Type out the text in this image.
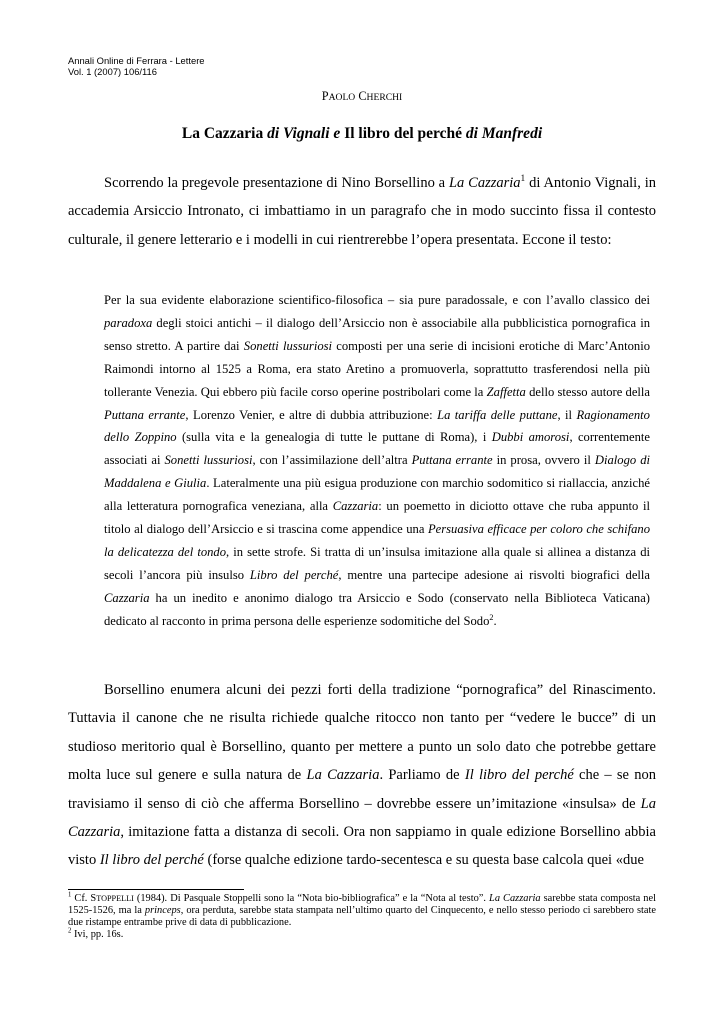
Annali Online di Ferrara - Lettere
Vol. 1 (2007) 106/116
PAOLO CHERCHI
La Cazzaria di Vignali e Il libro del perché di Manfredi

Scorrendo la pregevole presentazione di Nino Borsellino a La Cazzaria$^1$ di Antonio Vignali, in accademia Arsiccio Intronato, ci imbattiamo in un paragrafo che in modo succinto fissa il contesto culturale, il genere letterario e i modelli in cui rientrerebbe l’opera presentata. Eccone il testo:

Per la sua evidente elaborazione scientifico-filosofica – sia pure paradossale, e con l’avallo classico dei paradoxa degli stoici antichi – il dialogo dell’Arsiccio non è associabile alla pubblicistica pornografica in senso stretto. A partire dai Sonetti lussuriosi composti per una serie di incisioni erotiche di Marc’Antonio Raimondi intorno al 1525 a Roma, era stato Aretino a promuoverla, soprattutto trasferendosi nella più tollerante Venezia. Qui ebbero più facile corso operine postribolari come la Zaffetta dello stesso autore della Puttana errante, Lorenzo Venier, e altre di dubbia attribuzione: La tariffa delle puttane, il Ragionamento dello Zoppino (sulla vita e la genealogia di tutte le puttane di Roma), i Dubbi amorosi, correntemente associati ai Sonetti lussuriosi, con l’assimilazione dell’altra Puttana errante in prosa, ovvero il Dialogo di Maddalena e Giulia. Lateralmente una più esigua produzione con marchio sodomitico si riallaccia, anziché alla letteratura pornografica veneziana, alla Cazzaria: un poemetto in diciotto ottave che ruba appunto il titolo al dialogo dell’Arsiccio e si trascina come appendice una Persuasiva efficace per coloro che schifano la delicatezza del tondo, in sette strofe. Si tratta di un’insulsa imitazione alla quale si allinea a distanza di secoli l’ancora più insulso Libro del perché, mentre una partecipe adesione ai risvolti biografici della Cazzaria ha un inedito e anonimo dialogo tra Arsiccio e Sodo (conservato nella Biblioteca Vaticana) dedicato al racconto in prima persona delle esperienze sodomitiche del Sodo$^2$.

Borsellino enumera alcuni dei pezzi forti della tradizione “pornografica” del Rinascimento. Tuttavia il canone che ne risulta richiede qualche ritocco non tanto per “vedere le bucce” di un studioso meritorio qual è Borsellino, quanto per mettere a punto un solo dato che potrebbe gettare molta luce sul genere e sulla natura de La Cazzaria. Parliamo de Il libro del perché che – se non travisiamo il senso di ciò che afferma Borsellino – dovrebbe essere un’imitazione «insulsa» de La Cazzaria, imitazione fatta a distanza di secoli. Ora non sappiamo in quale edizione Borsellino abbia visto Il libro del perché (forse qualche edizione tardo-secentesca e su questa base calcola quei «due

$^1$ Cf. STOPPELLI (1984). Di Pasquale Stoppelli sono la “Nota bio-bibliografica” e la “Nota al testo”. La Cazzaria sarebbe stata composta nel 1525-1526, ma la princeps, ora perduta, sarebbe stata stampata nell’ultimo quarto del Cinquecento, e nello stesso periodo ci sarebbero state due ristampe entrambe prive di data di pubblicazione.

$^2$ Ivi, pp. 16s.
